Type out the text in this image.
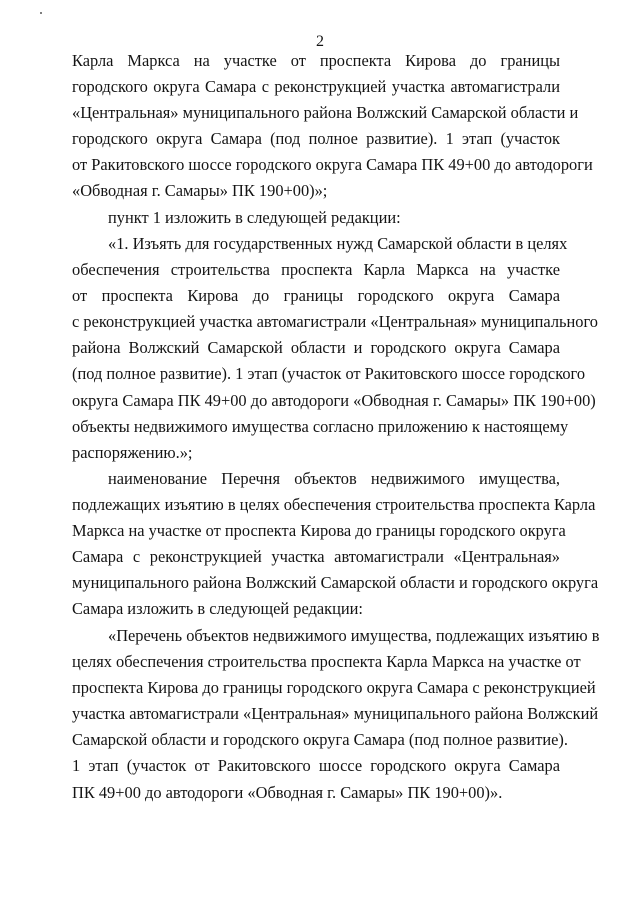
2
Карла Маркса на участке от проспекта Кирова до границы
городского округа Самара с реконструкцией участка автомагистрали
«Центральная» муниципального района Волжский Самарской области и
городского округа Самара (под полное развитие). 1 этап (участок
от Ракитовского шоссе городского округа Самара ПК 49+00 до автодороги
«Обводная г. Самары» ПК 190+00)»;
пункт 1 изложить в следующей редакции:
«1. Изъять для государственных нужд Самарской области в целях
обеспечения строительства проспекта Карла Маркса на участке
от проспекта Кирова до границы городского округа Самара
с реконструкцией участка автомагистрали «Центральная» муниципального
района Волжский Самарской области и городского округа Самара
(под полное развитие). 1 этап (участок от Ракитовского шоссе городского
округа Самара ПК 49+00 до автодороги «Обводная г. Самары» ПК 190+00)
объекты недвижимого имущества согласно приложению к настоящему
распоряжению.»;
наименование Перечня объектов недвижимого имущества,
подлежащих изъятию в целях обеспечения строительства проспекта Карла
Маркса на участке от проспекта Кирова до границы городского округа
Самара с реконструкцией участка автомагистрали «Центральная»
муниципального района Волжский Самарской области и городского округа
Самара изложить в следующей редакции:
«Перечень объектов недвижимого имущества, подлежащих изъятию в
целях обеспечения строительства проспекта Карла Маркса на участке от
проспекта Кирова до границы городского округа Самара с реконструкцией
участка автомагистрали «Центральная» муниципального района Волжский
Самарской области и городского округа Самара (под полное развитие).
1 этап (участок от Ракитовского шоссе городского округа Самара
ПК 49+00 до автодороги «Обводная г. Самары» ПК 190+00)».
